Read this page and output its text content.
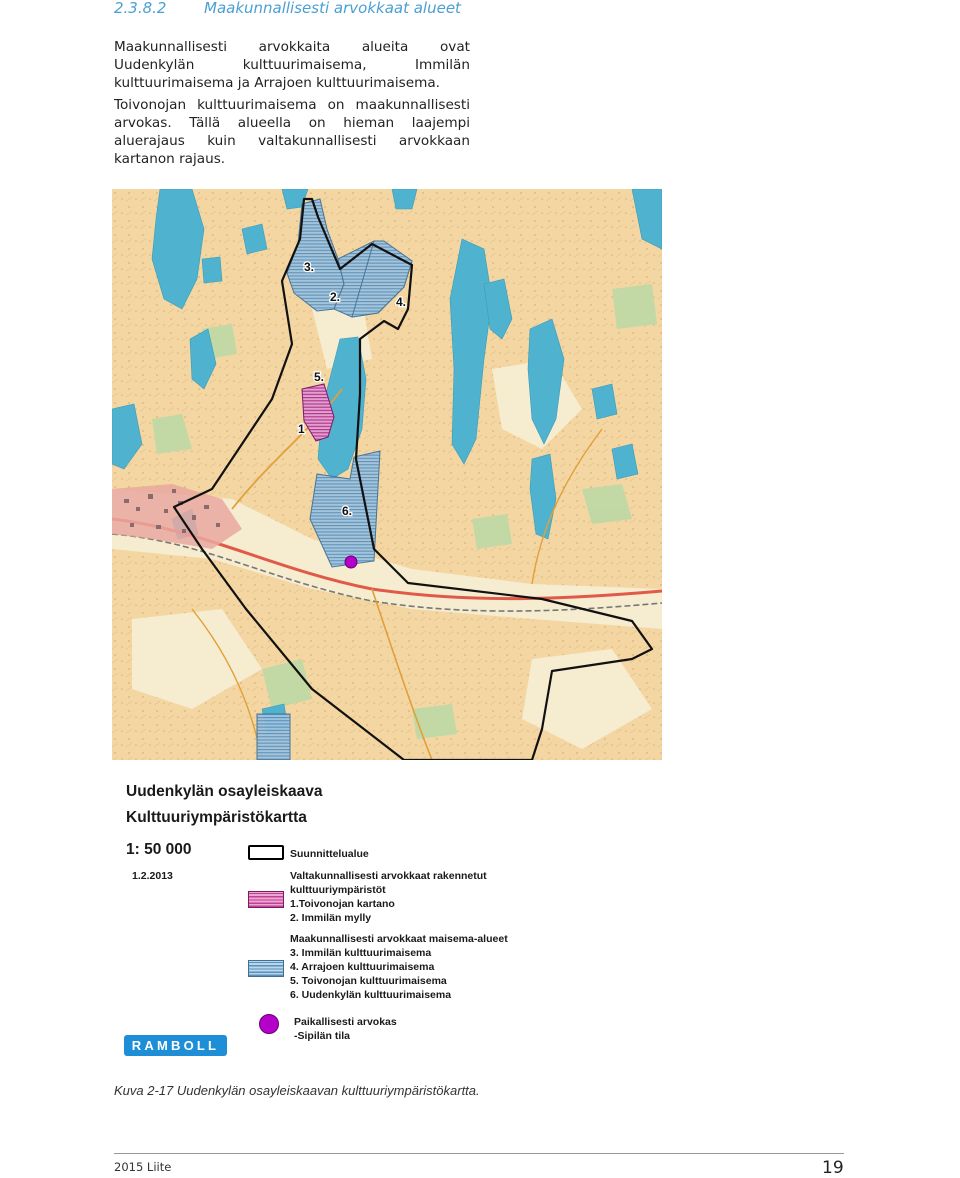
2.3.8.2	Maakunnallisesti arvokkaat alueet
Maakunnallisesti arvokkaita alueita ovat Uudenkylän kulttuurimaisema, Immilän kulttuurimaisema ja Arrajoen kulttuurimaisema.
Toivonojan kulttuurimaisema on maakunnallisesti arvokas. Tällä alueella on hieman laajempi aluerajaus kuin valtakunnallisesti arvokkaan kartanon rajaus.
3.
2.	4.
5.
1
6.
Uudenkylän osayleiskaava
Kulttuuriympäristökartta
1: 50 000
1.2.2013
Suunnittelualue
Valtakunnallisesti arvokkaat rakennetut
kulttuuriympäristöt
1.Toivonojan kartano
2. Immilän mylly
Maakunnallisesti arvokkaat maisema-alueet
3. Immilän kulttuurimaisema
4. Arrajoen kulttuurimaisema
5. Toivonojan kulttuurimaisema
6. Uudenkylän kulttuurimaisema
Paikallisesti arvokas
-Sipilän tila
RAMBOLL
Kuva 2-17 Uudenkylän osayleiskaavan kulttuuriympäristökartta.
2015 Liite	19
